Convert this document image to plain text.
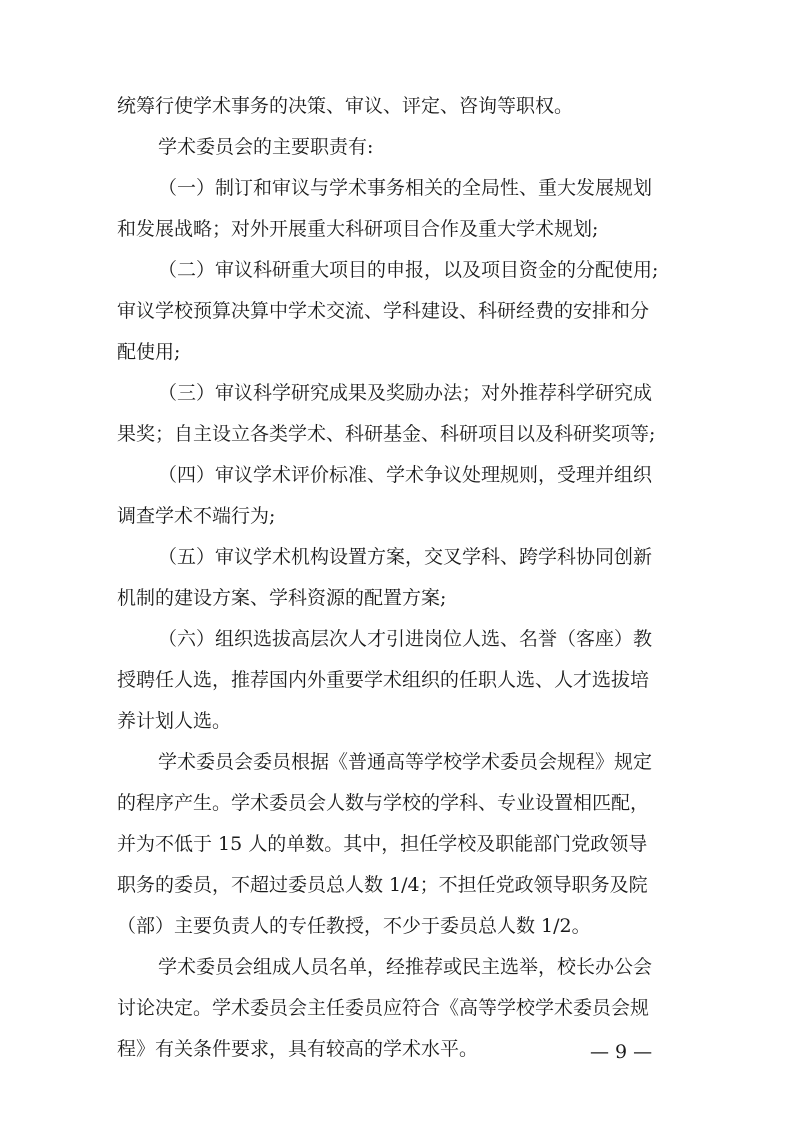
统筹行使学术事务的决策、审议、评定、咨询等职权。
学术委员会的主要职责有:
（一）制订和审议与学术事务相关的全局性、重大发展规划
和发展战略；对外开展重大科研项目合作及重大学术规划;
（二）审议科研重大项目的申报，以及项目资金的分配使用;
审议学校预算决算中学术交流、学科建设、科研经费的安排和分
配使用;
（三）审议科学研究成果及奖励办法；对外推荐科学研究成
果奖；自主设立各类学术、科研基金、科研项目以及科研奖项等;
（四）审议学术评价标准、学术争议处理规则，受理并组织
调查学术不端行为;
（五）审议学术机构设置方案，交叉学科、跨学科协同创新
机制的建设方案、学科资源的配置方案;
（六）组织选拔高层次人才引进岗位人选、名誉（客座）教
授聘任人选，推荐国内外重要学术组织的任职人选、人才选拔培
养计划人选。
学术委员会委员根据《普通高等学校学术委员会规程》规定
的程序产生。学术委员会人数与学校的学科、专业设置相匹配，
并为不低于 15 人的单数。其中，担任学校及职能部门党政领导
职务的委员，不超过委员总人数 1/4；不担任党政领导职务及院
（部）主要负责人的专任教授，不少于委员总人数 1/2。
学术委员会组成人员名单，经推荐或民主选举，校长办公会
讨论决定。学术委员会主任委员应符合《高等学校学术委员会规
程》有关条件要求，具有较高的学术水平。	— 9 —
